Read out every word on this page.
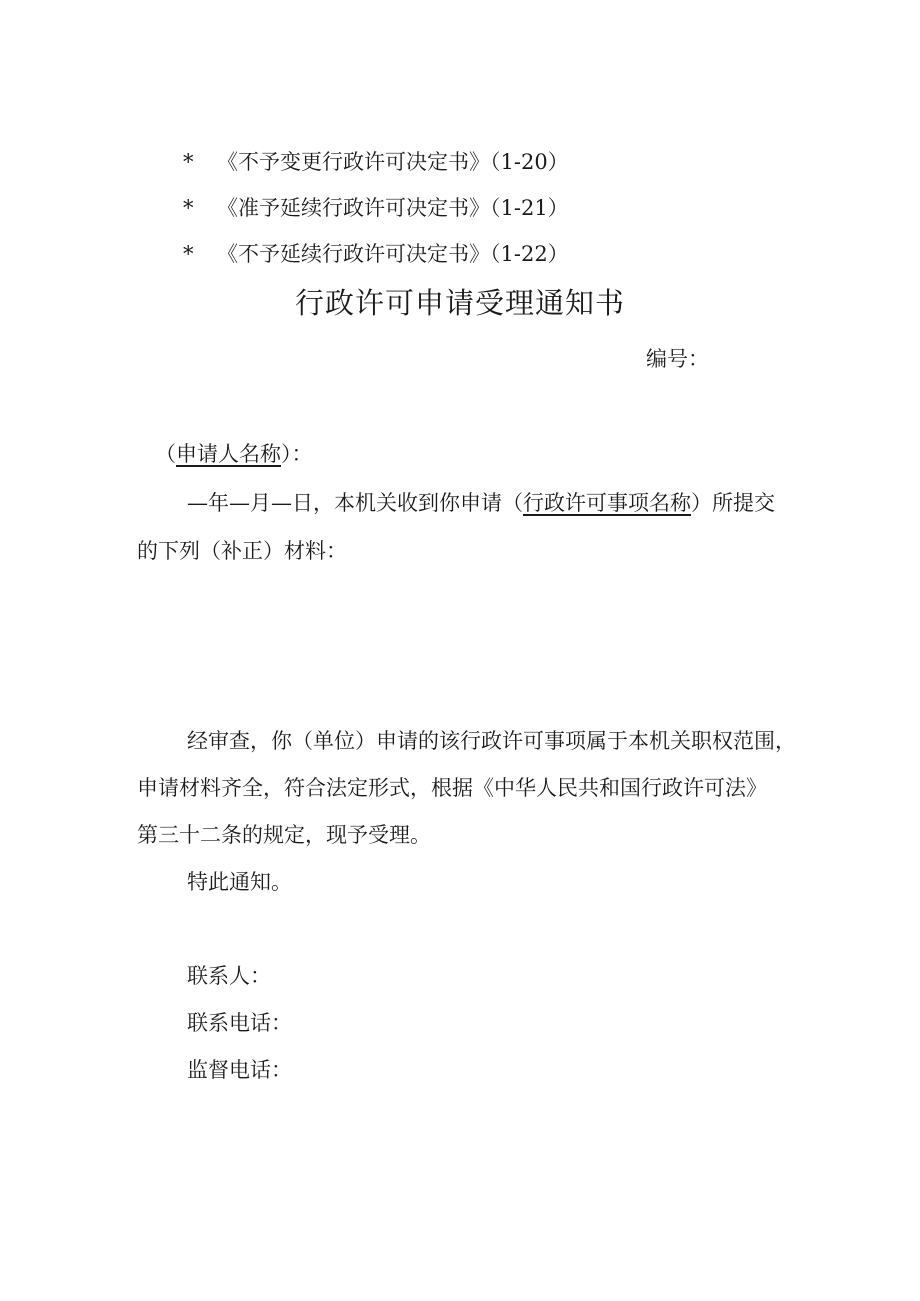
* 《不予变更行政许可决定书》（1-20）
* 《准予延续行政许可决定书》（1-21）
* 《不予延续行政许可决定书》（1-22）
行政许可申请受理通知书
编号：
（申请人名称）：
—年—月—日，本机关收到你申请（行政许可事项名称）所提交
的下列（补正）材料：
经审查，你（单位）申请的该行政许可事项属于本机关职权范围，
申请材料齐全，符合法定形式，根据《中华人民共和国行政许可法》
第三十二条的规定，现予受理。
特此通知。
联系人：
联系电话：
监督电话：
